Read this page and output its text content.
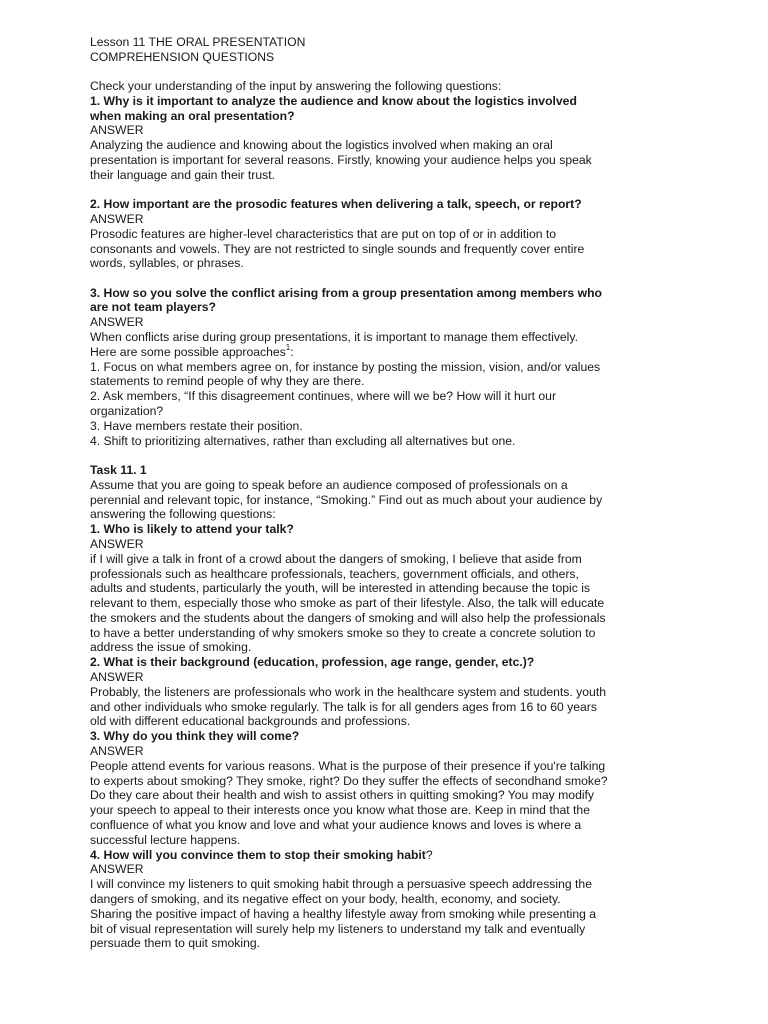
Lesson 11 THE ORAL PRESENTATION
COMPREHENSION QUESTIONS
Check your understanding of the input by answering the following questions:
1. Why is it important to analyze the audience and know about the logistics involved
when making an oral presentation?
ANSWER
Analyzing the audience and knowing about the logistics involved when making an oral
presentation is important for several reasons. Firstly, knowing your audience helps you speak
their language and gain their trust.
2. How important are the prosodic features when delivering a talk, speech, or report?
ANSWER
Prosodic features are higher-level characteristics that are put on top of or in addition to
consonants and vowels. They are not restricted to single sounds and frequently cover entire
words, syllables, or phrases.
3. How so you solve the conflict arising from a group presentation among members who
are not team players?
ANSWER
When conflicts arise during group presentations, it is important to manage them effectively.
Here are some possible approaches$^1$:
1. Focus on what members agree on, for instance by posting the mission, vision, and/or values
statements to remind people of why they are there.
2. Ask members, “If this disagreement continues, where will we be? How will it hurt our
organization?
3. Have members restate their position.
4. Shift to prioritizing alternatives, rather than excluding all alternatives but one.
Task 11. 1
Assume that you are going to speak before an audience composed of professionals on a
perennial and relevant topic, for instance, “Smoking.” Find out as much about your audience by
answering the following questions:
1. Who is likely to attend your talk?
ANSWER
if I will give a talk in front of a crowd about the dangers of smoking, I believe that aside from
professionals such as healthcare professionals, teachers, government officials, and others,
adults and students, particularly the youth, will be interested in attending because the topic is
relevant to them, especially those who smoke as part of their lifestyle. Also, the talk will educate
the smokers and the students about the dangers of smoking and will also help the professionals
to have a better understanding of why smokers smoke so they to create a concrete solution to
address the issue of smoking.
2. What is their background (education, profession, age range, gender, etc.)?
ANSWER
Probably, the listeners are professionals who work in the healthcare system and students. youth
and other individuals who smoke regularly. The talk is for all genders ages from 16 to 60 years
old with different educational backgrounds and professions.
3. Why do you think they will come?
ANSWER
People attend events for various reasons. What is the purpose of their presence if you're talking
to experts about smoking? They smoke, right? Do they suffer the effects of secondhand smoke?
Do they care about their health and wish to assist others in quitting smoking? You may modify
your speech to appeal to their interests once you know what those are. Keep in mind that the
confluence of what you know and love and what your audience knows and loves is where a
successful lecture happens.
4. How will you convince them to stop their smoking habit?
ANSWER
I will convince my listeners to quit smoking habit through a persuasive speech addressing the
dangers of smoking, and its negative effect on your body, health, economy, and society.
Sharing the positive impact of having a healthy lifestyle away from smoking while presenting a
bit of visual representation will surely help my listeners to understand my talk and eventually
persuade them to quit smoking.
